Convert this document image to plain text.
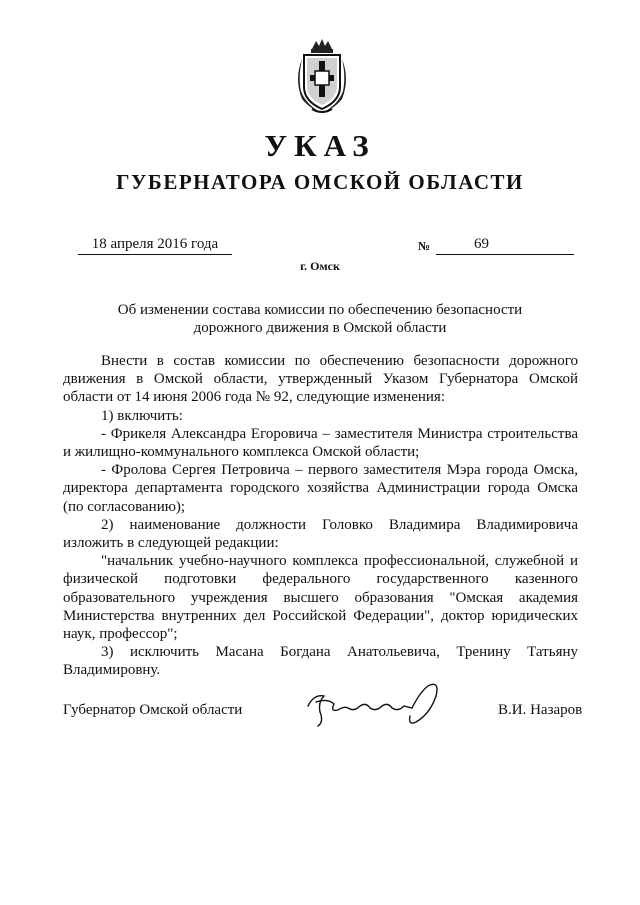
УКАЗ
ГУБЕРНАТОРА ОМСКОЙ ОБЛАСТИ
18 апреля 2016 года	№	69
г. Омск
Об изменении состава комиссии по обеспечению безопасности
дорожного движения в Омской области

Внести в состав комиссии по обеспечению безопасности дорожного движения в Омской области, утвержденный Указом Губернатора Омской области от 14 июня 2006 года № 92, следующие изменения:

1) включить:

- Фрикеля Александра Егоровича – заместителя Министра строительства и жилищно-коммунального комплекса Омской области;

- Фролова Сергея Петровича – первого заместителя Мэра города Омска, директора департамента городского хозяйства Администрации города Омска (по согласованию);

2) наименование должности Головко Владимира Владимировича изложить в следующей редакции:

"начальник учебно-научного комплекса профессиональной, служебной и физической подготовки федерального государственного казенного образовательного учреждения высшего образования "Омская академия Министерства внутренних дел Российской Федерации", доктор юридических наук, профессор";

3) исключить Масана Богдана Анатольевича, Тренину Татьяну Владимировну.

Губернатор Омской области	В.И. Назаров
